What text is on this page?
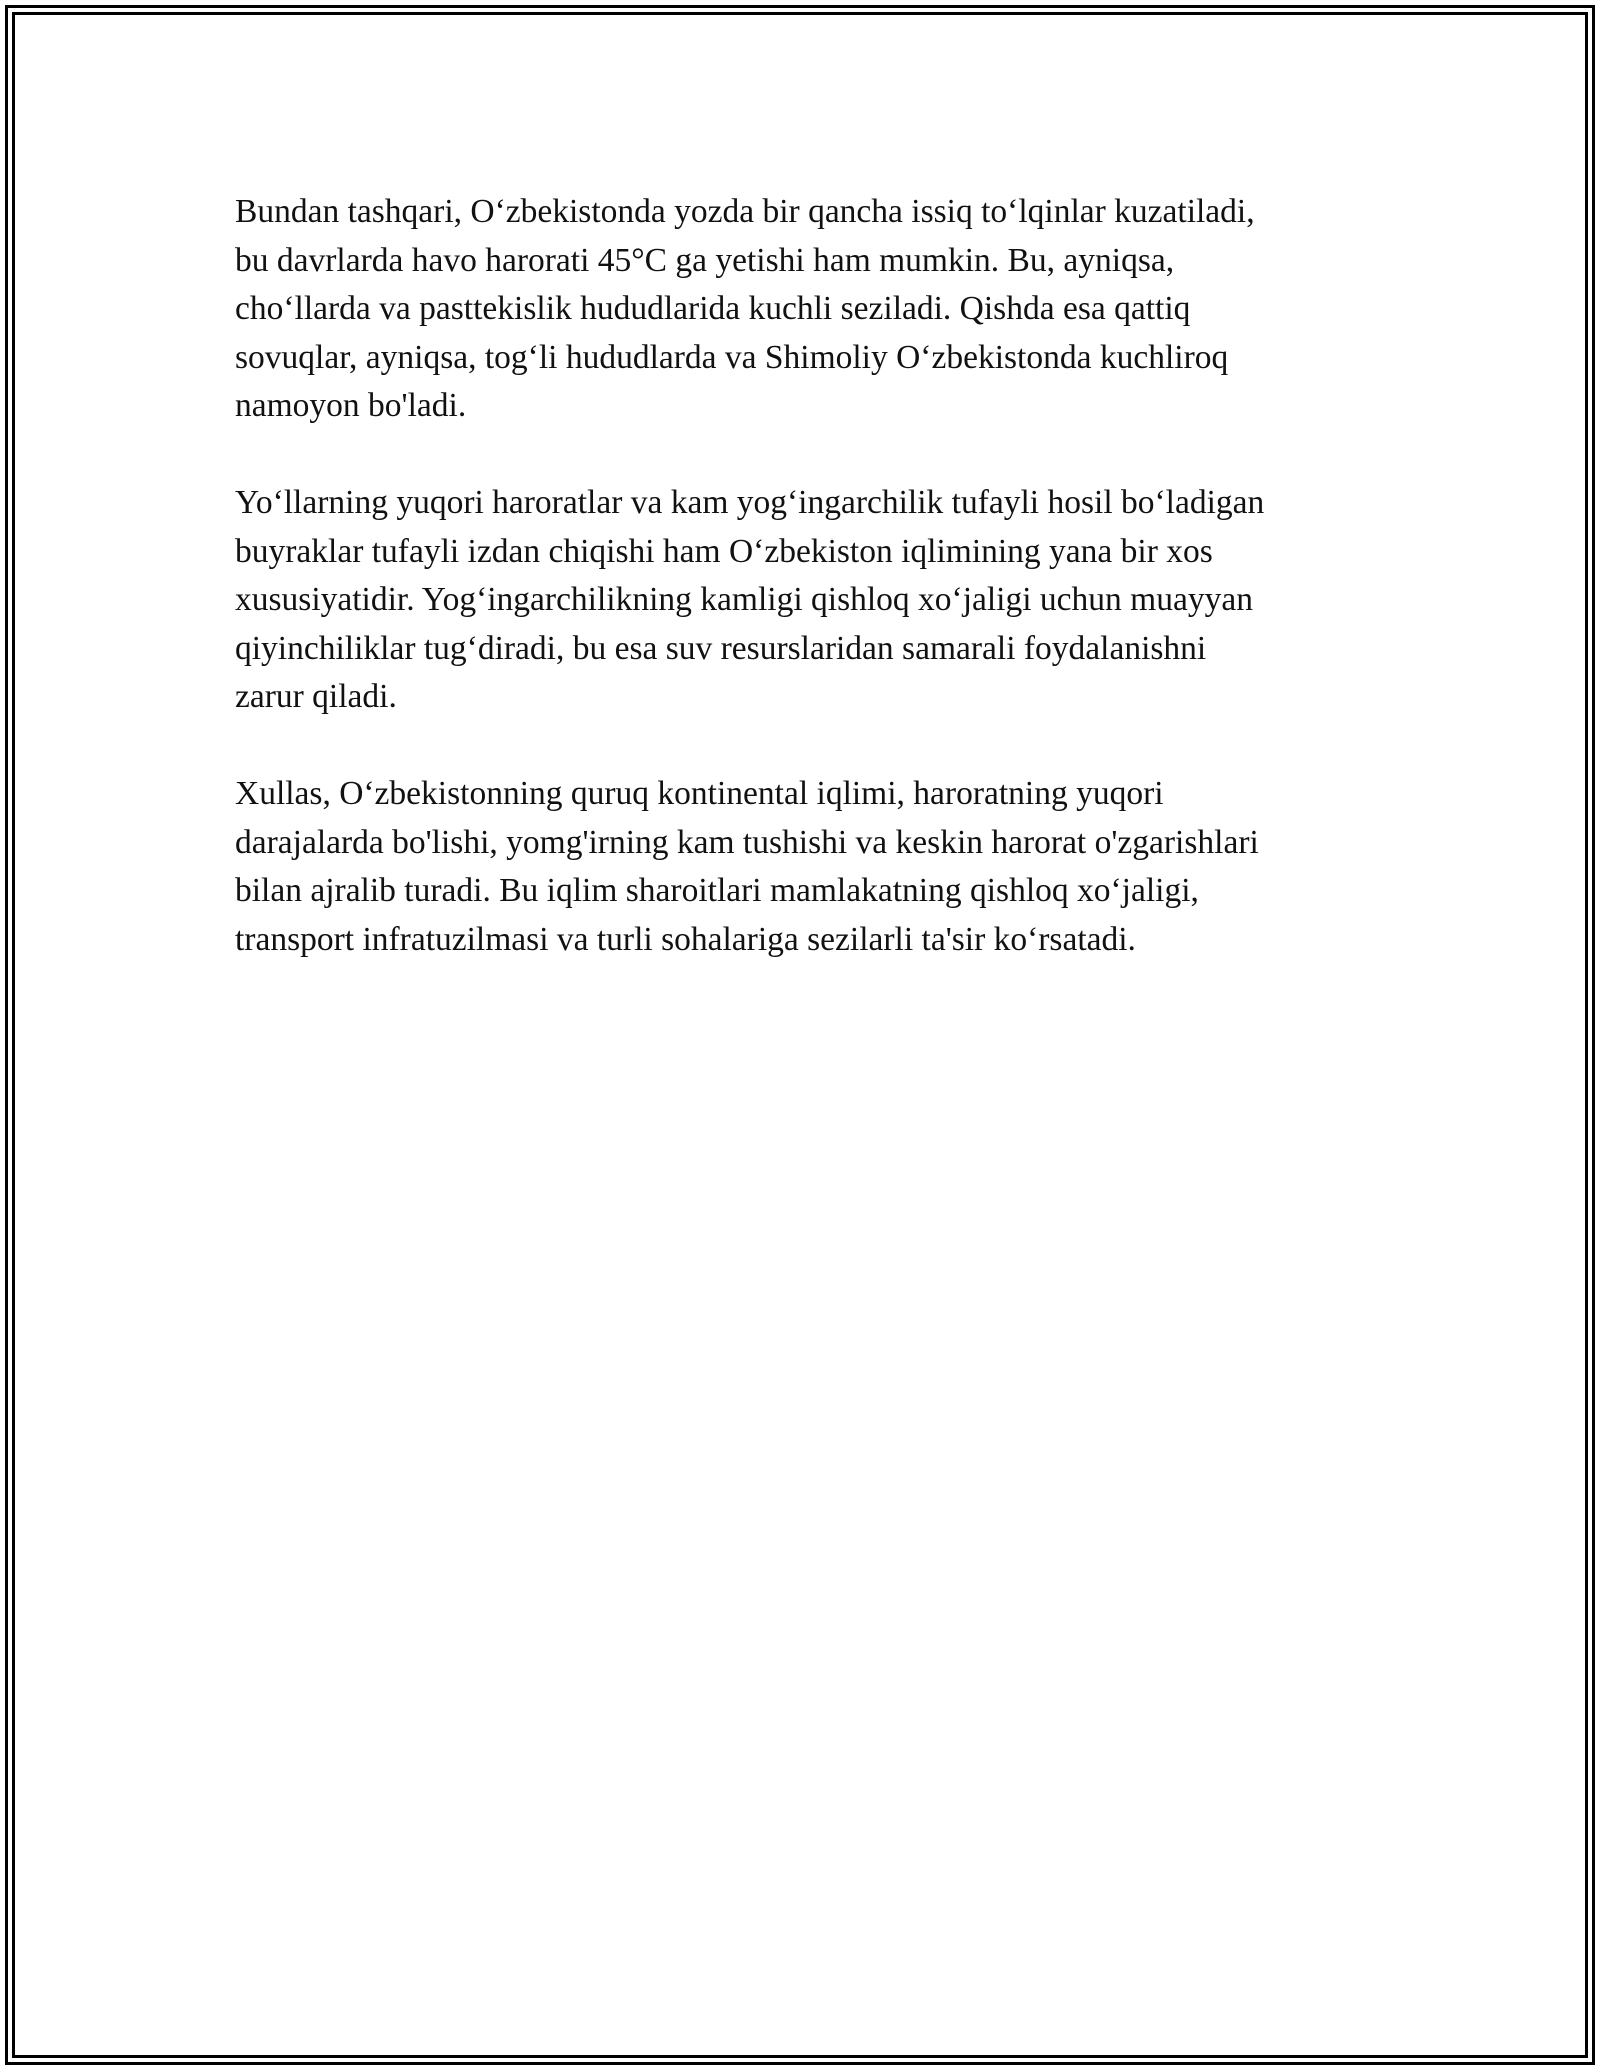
Bundan tashqari, O‘zbekistonda yozda bir qancha issiq to‘lqinlar kuzatiladi,
bu davrlarda havo harorati 45°C ga yetishi ham mumkin. Bu, ayniqsa,
cho‘llarda va pasttekislik hududlarida kuchli seziladi. Qishda esa qattiq
sovuqlar, ayniqsa, tog‘li hududlarda va Shimoliy O‘zbekistonda kuchliroq
namoyon bo'ladi.

Yo‘llarning yuqori haroratlar va kam yog‘ingarchilik tufayli hosil bo‘ladigan
buyraklar tufayli izdan chiqishi ham O‘zbekiston iqlimining yana bir xos
xususiyatidir. Yog‘ingarchilikning kamligi qishloq xo‘jaligi uchun muayyan
qiyinchiliklar tug‘diradi, bu esa suv resurslaridan samarali foydalanishni
zarur qiladi.

Xullas, O‘zbekistonning quruq kontinental iqlimi, haroratning yuqori
darajalarda bo'lishi, yomg'irning kam tushishi va keskin harorat o'zgarishlari
bilan ajralib turadi. Bu iqlim sharoitlari mamlakatning qishloq xo‘jaligi,
transport infratuzilmasi va turli sohalariga sezilarli ta'sir ko‘rsatadi.
